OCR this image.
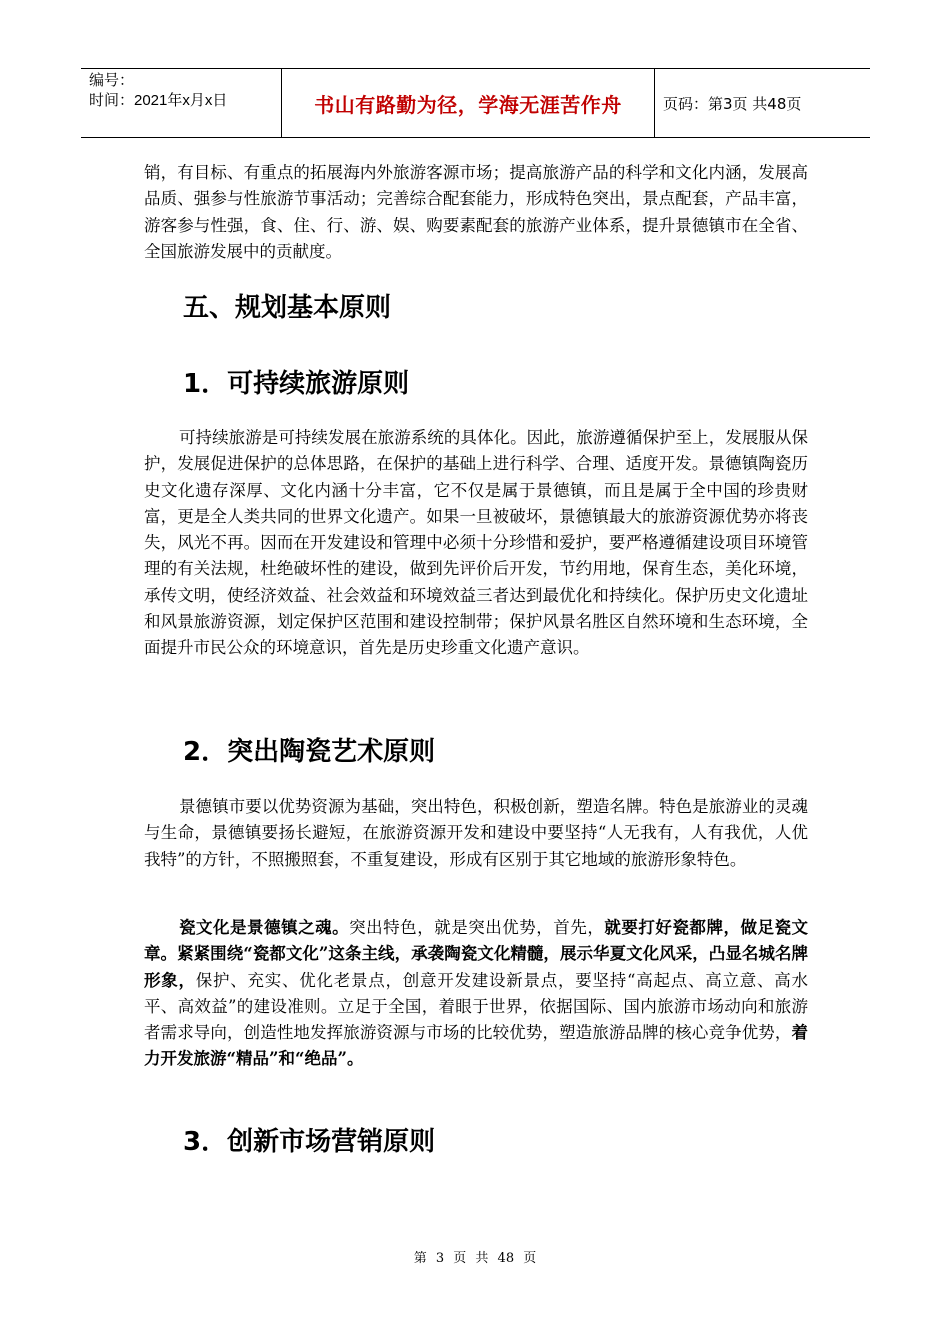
编号：
时间：2021年x月x日	书山有路勤为径，学海无涯苦作舟	页码：第3页 共48页
销，有目标、有重点的拓展海内外旅游客源市场；提高旅游产品的科学和文化内涵，发展高品质、强参与性旅游节事活动；完善综合配套能力，形成特色突出，景点配套，产品丰富，游客参与性强，食、住、行、游、娱、购要素配套的旅游产业体系，提升景德镇市在全省、全国旅游发展中的贡献度。
五、规划基本原则
1．可持续旅游原则
可持续旅游是可持续发展在旅游系统的具体化。因此，旅游遵循保护至上，发展服从保护，发展促进保护的总体思路，在保护的基础上进行科学、合理、适度开发。景德镇陶瓷历史文化遗存深厚、文化内涵十分丰富，它不仅是属于景德镇，而且是属于全中国的珍贵财富，更是全人类共同的世界文化遗产。如果一旦被破坏，景德镇最大的旅游资源优势亦将丧失，风光不再。因而在开发建设和管理中必须十分珍惜和爱护，要严格遵循建设项目环境管理的有关法规，杜绝破坏性的建设，做到先评价后开发，节约用地，保育生态，美化环境，承传文明，使经济效益、社会效益和环境效益三者达到最优化和持续化。保护历史文化遗址和风景旅游资源，划定保护区范围和建设控制带；保护风景名胜区自然环境和生态环境，全面提升市民公众的环境意识，首先是历史珍重文化遗产意识。
2．突出陶瓷艺术原则
景德镇市要以优势资源为基础，突出特色，积极创新，塑造名牌。特色是旅游业的灵魂与生命，景德镇要扬长避短，在旅游资源开发和建设中要坚持“人无我有，人有我优，人优我特”的方针，不照搬照套，不重复建设，形成有区别于其它地域的旅游形象特色。
瓷文化是景德镇之魂。突出特色，就是突出优势，首先，就要打好瓷都牌，做足瓷文章。紧紧围绕“瓷都文化”这条主线，承袭陶瓷文化精髓，展示华夏文化风采，凸显名城名牌形象，保护、充实、优化老景点，创意开发建设新景点，要坚持“高起点、高立意、高水平、高效益”的建设准则。立足于全国，着眼于世界，依据国际、国内旅游市场动向和旅游者需求导向，创造性地发挥旅游资源与市场的比较优势，塑造旅游品牌的核心竞争优势，着力开发旅游“精品”和“绝品”。
3．创新市场营销原则
第 3 页 共 48 页
